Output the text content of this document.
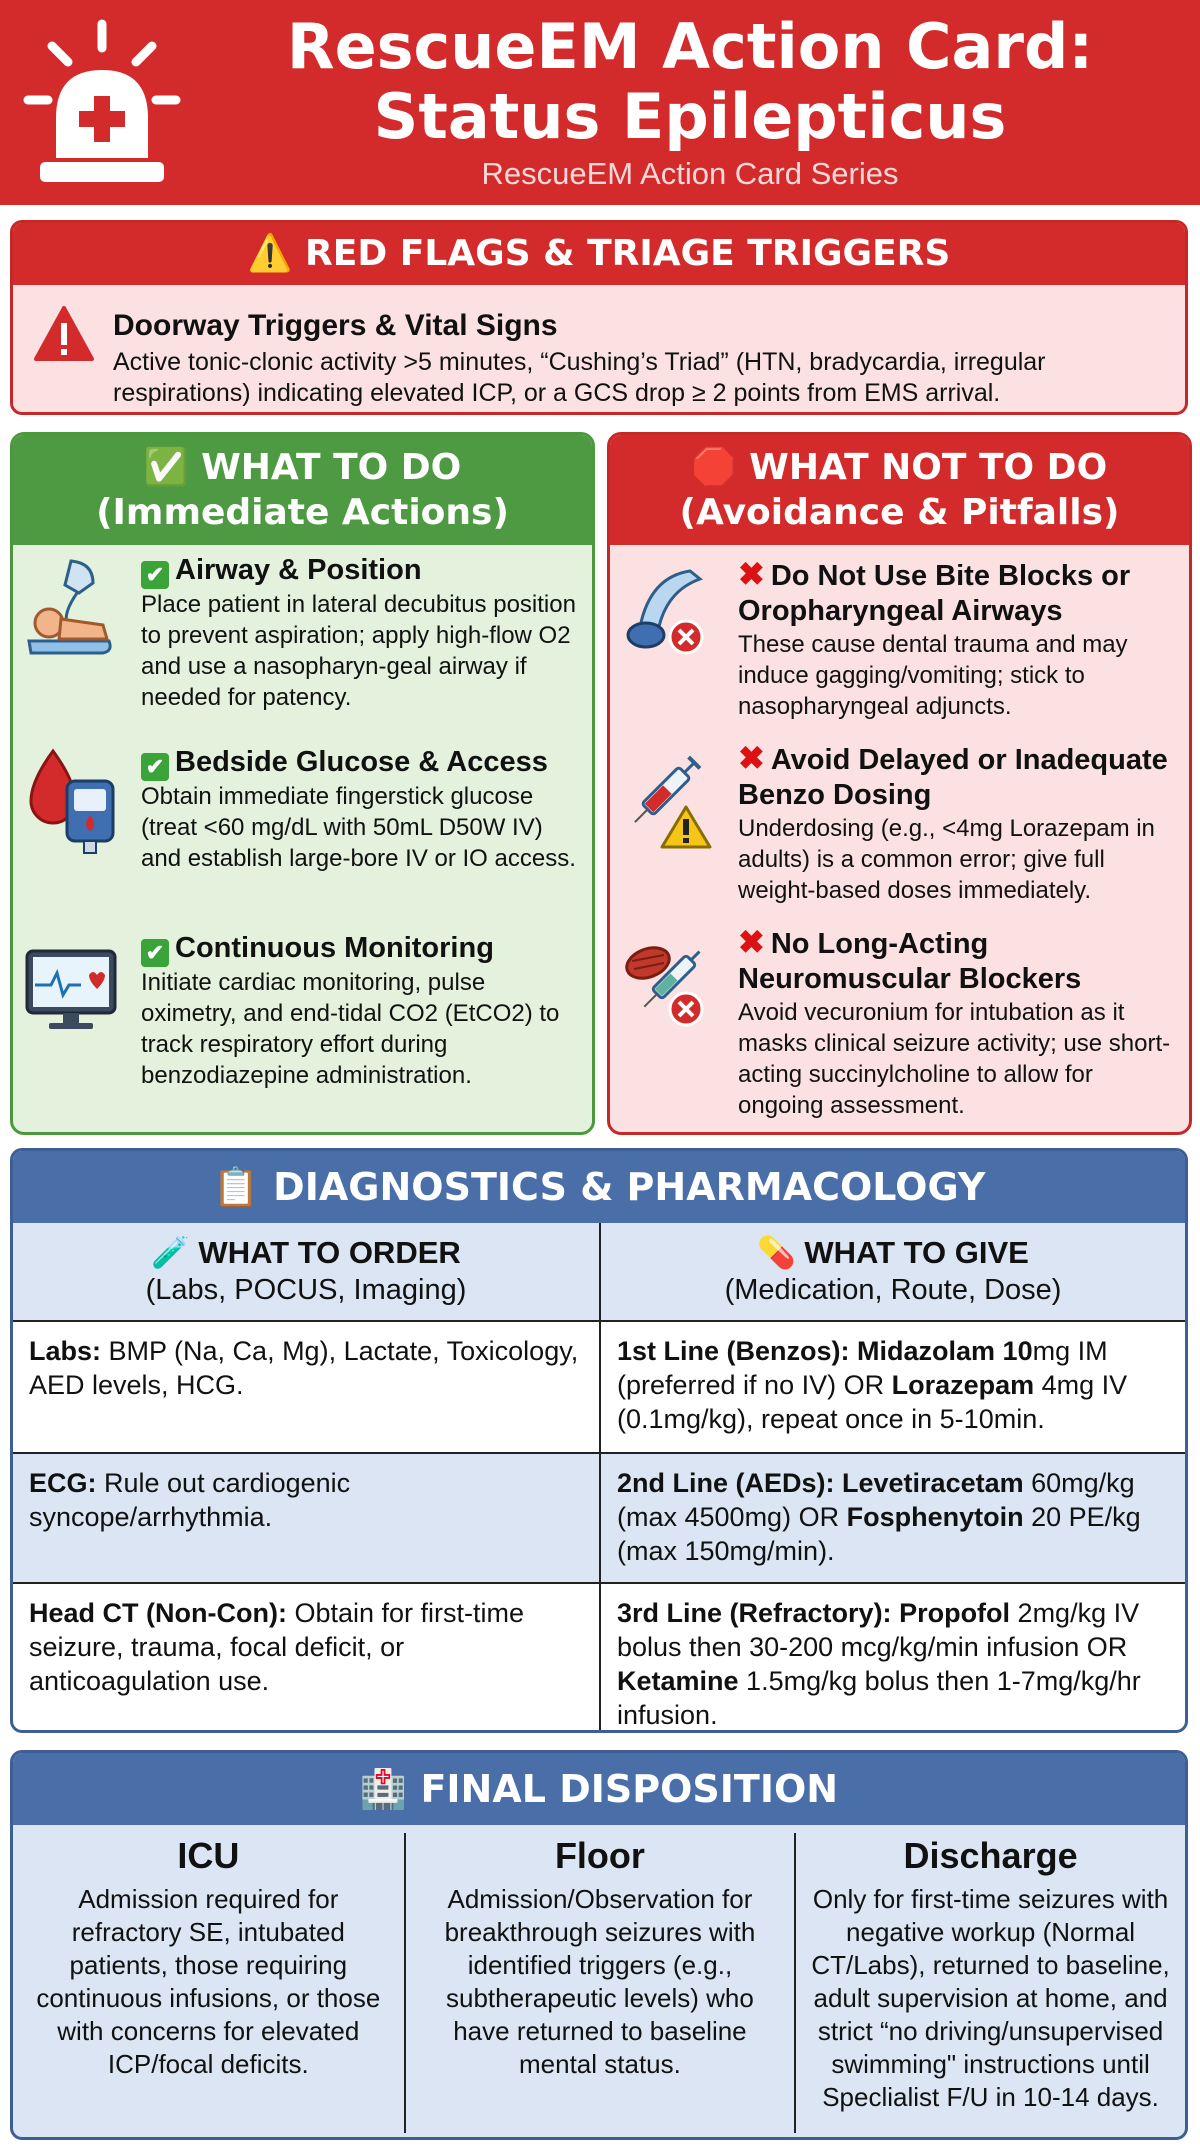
RescueEM Action Card:
Status Epilepticus
RescueEM Action Card Series
⚠️ RED FLAGS & TRIAGE TRIGGERS
Doorway Triggers & Vital Signs
Active tonic-clonic activity >5 minutes, “Cushing’s Triad” (HTN, bradycardia, irregular respirations) indicating elevated ICP, or a GCS drop ≥ 2 points from EMS arrival.
✅ WHAT TO DO
(Immediate Actions)
✔ Airway & Position
Place patient in lateral decubitus position to prevent aspiration; apply high-flow O2 and use a nasopharyn-geal airway if needed for patency.
✔ Bedside Glucose & Access
Obtain immediate fingerstick glucose (treat <60 mg/dL with 50mL D50W IV) and establish large-bore IV or IO access.
✔ Continuous Monitoring
Initiate cardiac monitoring, pulse oximetry, and end-tidal CO2 (EtCO2) to track respiratory effort during benzodiazepine administration.
🛑 WHAT NOT TO DO
(Avoidance & Pitfalls)
✖ Do Not Use Bite Blocks or Oropharyngeal Airways
These cause dental trauma and may induce gagging/vomiting; stick to nasopharyngeal adjuncts.
✖ Avoid Delayed or Inadequate Benzo Dosing
Underdosing (e.g., <4mg Lorazepam in adults) is a common error; give full weight-based doses immediately.
✖ No Long-Acting Neuromuscular Blockers
Avoid vecuronium for intubation as it masks clinical seizure activity; use short-acting succinylcholine to allow for ongoing assessment.
📋 DIAGNOSTICS & PHARMACOLOGY
🧪 WHAT TO ORDER
(Labs, POCUS, Imaging)
💊 WHAT TO GIVE
(Medication, Route, Dose)
Labs: BMP (Na, Ca, Mg), Lactate, Toxicology, AED levels, HCG.
1st Line (Benzos): Midazolam 10mg IM (preferred if no IV) OR Lorazepam 4mg IV (0.1mg/kg), repeat once in 5-10min.
ECG: Rule out cardiogenic syncope/arrhythmia.
2nd Line (AEDs): Levetiracetam 60mg/kg (max 4500mg) OR Fosphenytoin 20 PE/kg (max 150mg/min).
Head CT (Non-Con): Obtain for first-time seizure, trauma, focal deficit, or anticoagulation use.
3rd Line (Refractory): Propofol 2mg/kg IV bolus then 30-200 mcg/kg/min infusion OR Ketamine 1.5mg/kg bolus then 1-7mg/kg/hr infusion.
🏥 FINAL DISPOSITION
ICU
Admission required for refractory SE, intubated patients, those requiring continuous infusions, or those with concerns for elevated ICP/focal deficits.
Floor
Admission/Observation for breakthrough seizures with identified triggers (e.g., subtherapeutic levels) who have returned to baseline mental status.
Discharge
Only for first-time seizures with negative workup (Normal CT/Labs), returned to baseline, adult supervision at home, and strict “no driving/unsupervised swimming" instructions until Speclialist F/U in 10-14 days.
